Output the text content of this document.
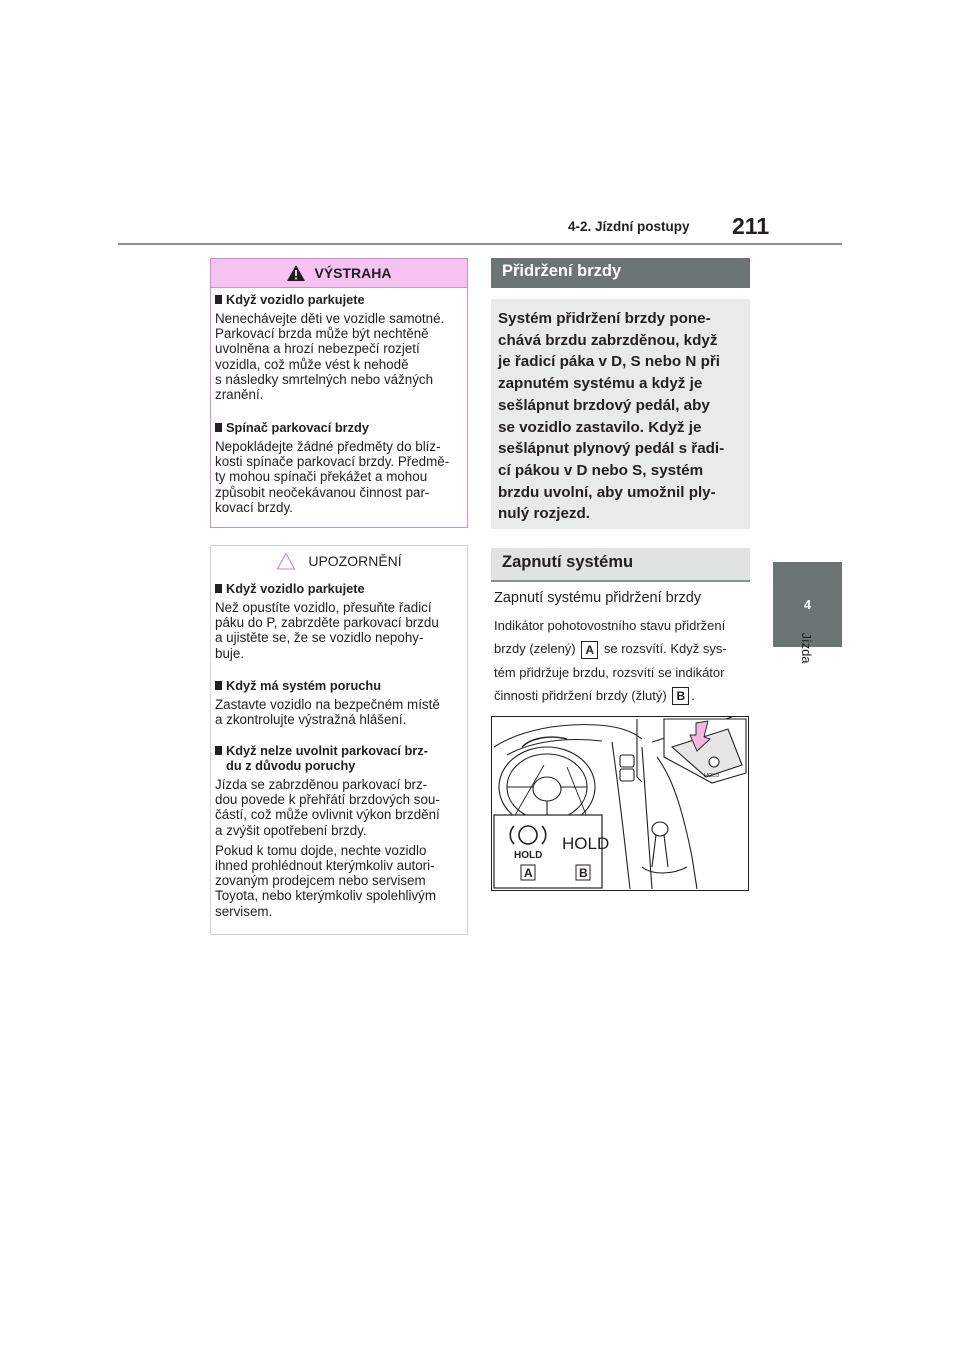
4-2. Jízdní postupy 211
4
Jízda
VÝSTRAHA
Když vozidlo parkujete
Nenechávejte děti ve vozidle samotné.
Parkovací brzda může být nechtěně
uvolněna a hrozí nebezpečí rozjetí
vozidla, což může vést k nehodě
s následky smrtelných nebo vážných
zranění.
Spínač parkovací brzdy
Nepokládejte žádné předměty do blíz-
kosti spínače parkovací brzdy. Předmě-
ty mohou spínači překážet a mohou
způsobit neočekávanou činnost par-
kovací brzdy.
UPOZORNĚNÍ
Když vozidlo parkujete
Než opustíte vozidlo, přesuňte řadicí
páku do P, zabrzděte parkovací brzdu
a ujistěte se, že se vozidlo nepohy-
buje.
Když má systém poruchu
Zastavte vozidlo na bezpečném místě
a zkontrolujte výstražná hlášení.
Když nelze uvolnit parkovací brz-
du z důvodu poruchy
Jízda se zabrzděnou parkovací brz-
dou povede k přehřátí brzdových sou-
částí, což může ovlivnit výkon brzdění
a zvýšit opotřebení brzdy.
Pokud k tomu dojde, nechte vozidlo
ihned prohlédnout kterýmkoliv autori-
zovaným prodejcem nebo servisem
Toyota, nebo kterýmkoliv spolehlivým
servisem.
Přidržení brzdy
Systém přidržení brzdy pone-
chává brzdu zabrzděnou, když
je řadicí páka v D, S nebo N při
zapnutém systému a když je
sešlápnut brzdový pedál, aby
se vozidlo zastavilo. Když je
sešlápnut plynový pedál s řadi-
cí pákou v D nebo S, systém
brzdu uvolní, aby umožnil ply-
nulý rozjezd.
Zapnutí systému
Zapnutí systému přidržení brzdy
Indikátor pohotovostního stavu přidržení
brzdy (zelený) A se rozsvítí. Když sys-
tém přidržuje brzdu, rozsvítí se indikátor
činnosti přidržení brzdy (žlutý) B .
HOLD
HOLD
HOLD
A	B
